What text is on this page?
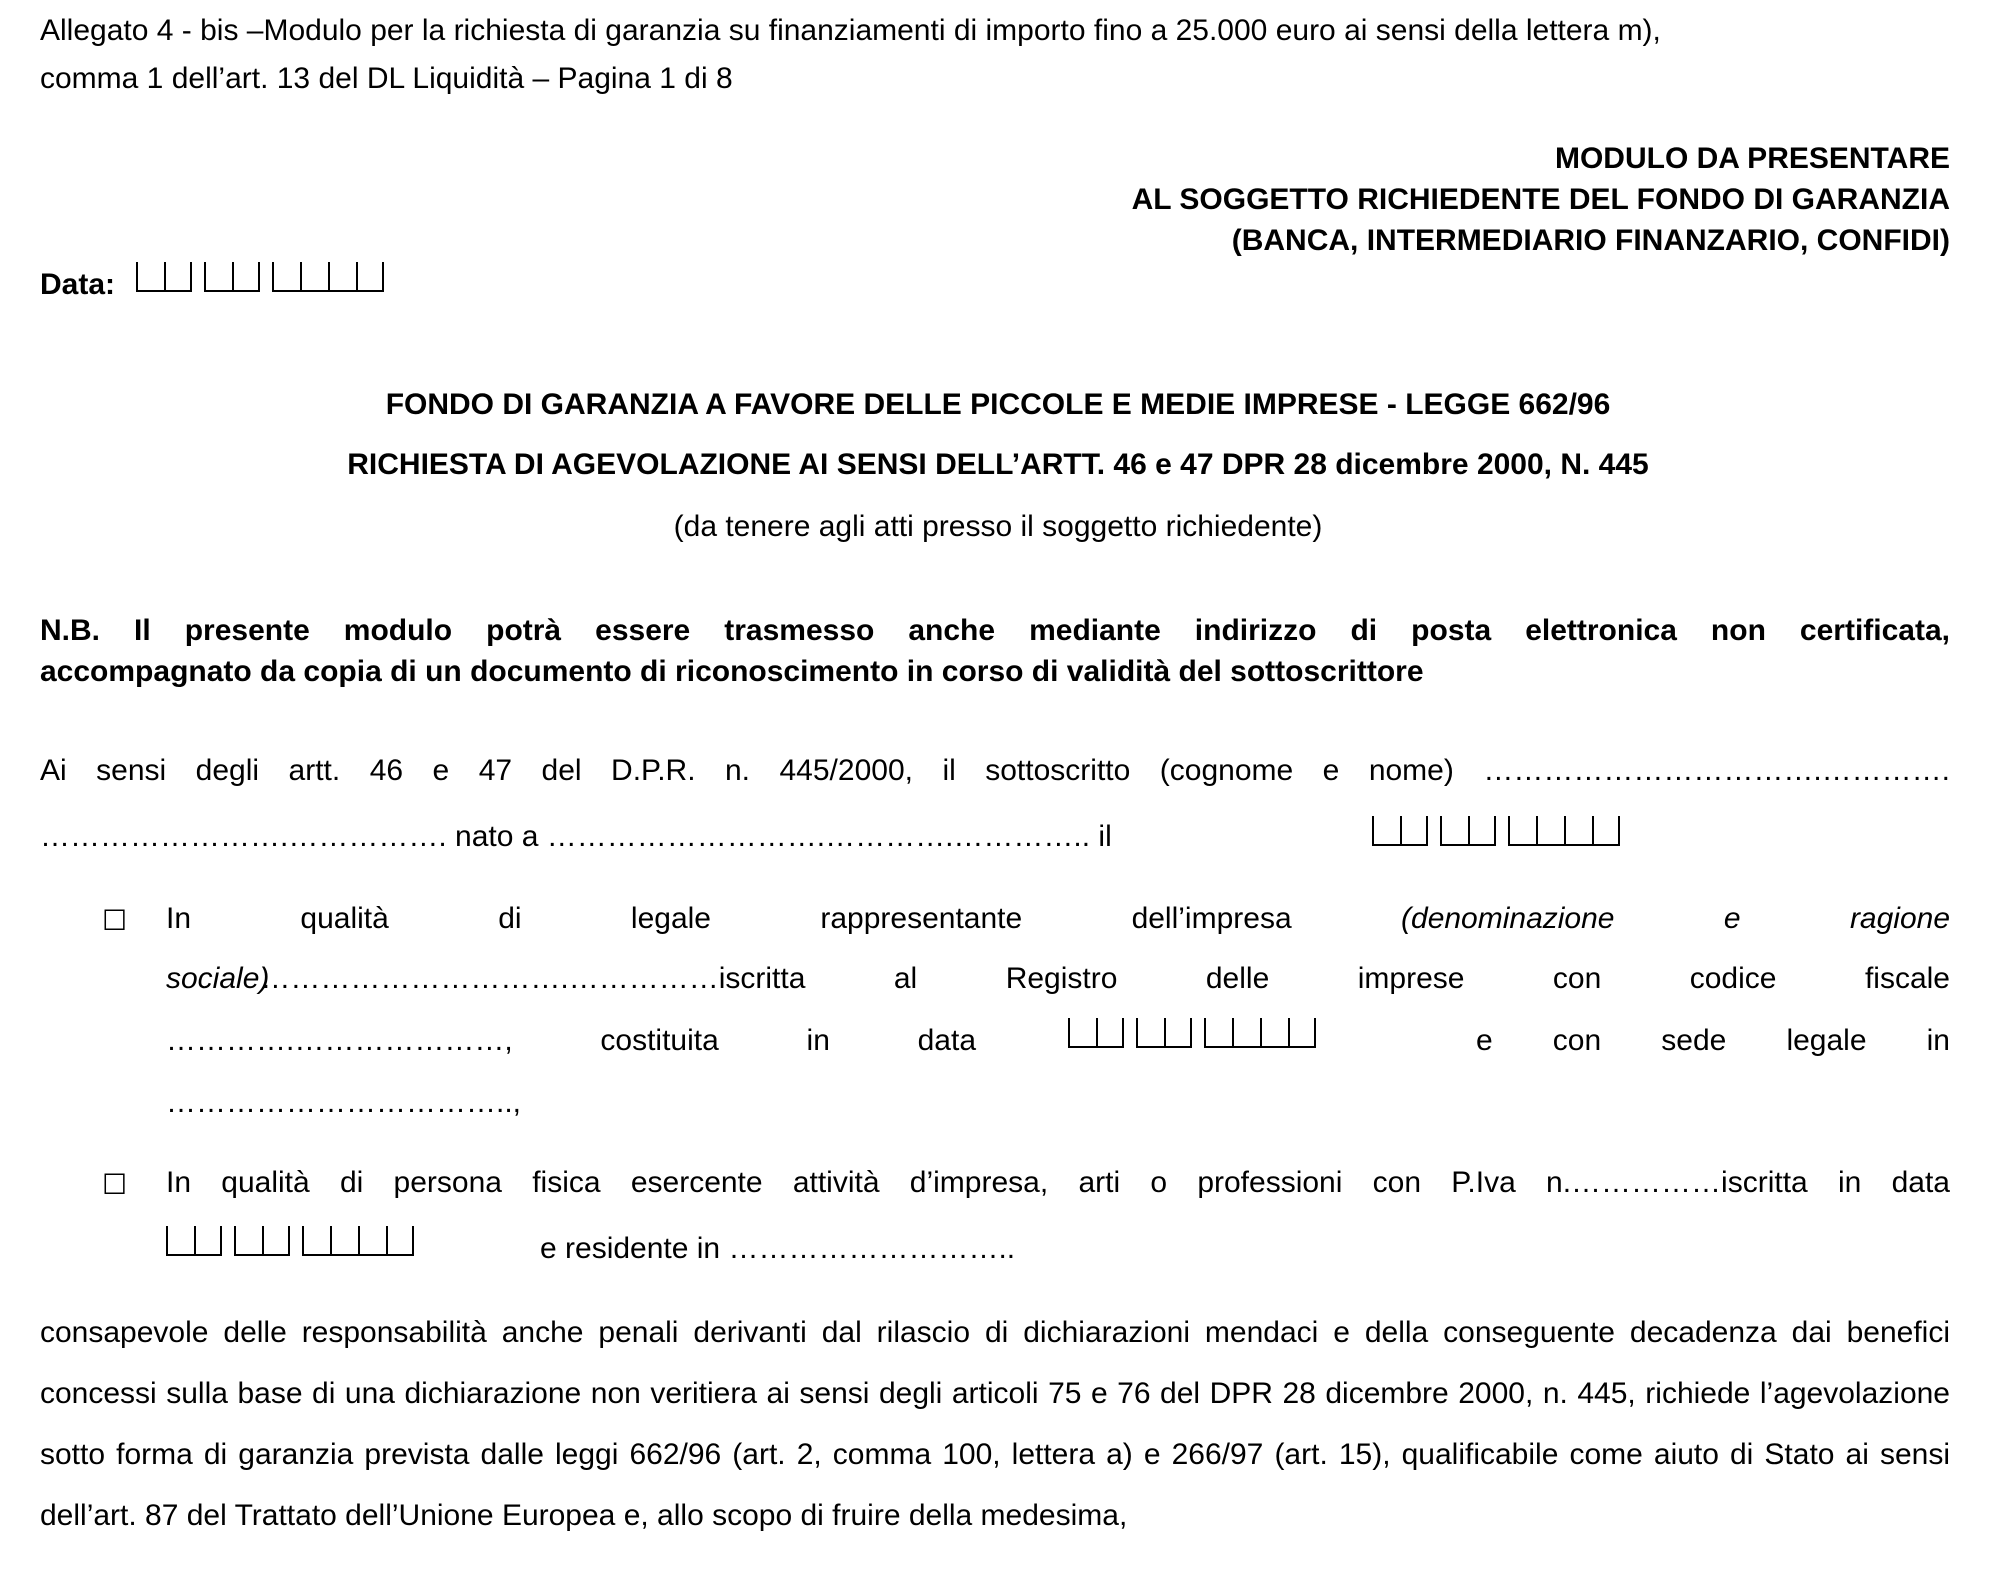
Allegato 4 - bis –Modulo per la richiesta di garanzia su finanziamenti di importo fino a 25.000 euro ai sensi della lettera m),
comma 1 dell’art. 13 del DL Liquidità – Pagina 1 di 8
MODULO DA PRESENTARE
AL SOGGETTO RICHIEDENTE DEL FONDO DI GARANZIA
(BANCA, INTERMEDIARIO FINANZARIO, CONFIDI)
Data:
FONDO DI GARANZIA A FAVORE DELLE PICCOLE E MEDIE IMPRESE - LEGGE 662/96
RICHIESTA DI AGEVOLAZIONE AI SENSI DELL’ARTT. 46 e 47 DPR 28 dicembre 2000, N. 445
(da tenere agli atti presso il soggetto richiedente)
N.B. Il presente modulo potrà essere trasmesso anche mediante indirizzo di posta elettronica non certificata,
accompagnato da copia di un documento di riconoscimento in corso di validità del sottoscrittore
Ai sensi degli artt. 46 e 47 del D.P.R. n. 445/2000, il sottoscritto (cognome e nome) …………………………….………….
…………………….……………. nato a ……………………….………….………….. il
☐ In	qualità	di	legale	rappresentante	dell’impresa	(denominazione	e	ragione
sociale)………………………….……………iscritta	al	Registro	delle	imprese	con	codice	fiscale
………….…………………,	costituita	in	data	e con sede legale in
……………………………..,
☐ In qualità di persona fisica esercente attività d’impresa, arti o professioni con P.Iva n.……………iscritta in data
e residente in ………………………..
consapevole delle responsabilità anche penali derivanti dal rilascio di dichiarazioni mendaci e della conseguente decadenza dai benefici concessi sulla base di una dichiarazione non veritiera ai sensi degli articoli 75 e 76 del DPR 28 dicembre 2000, n. 445, richiede l’agevolazione sotto forma di garanzia prevista dalle leggi 662/96 (art. 2, comma 100, lettera a) e 266/97 (art. 15), qualificabile come aiuto di Stato ai sensi dell’art. 87 del Trattato dell’Unione Europea e, allo scopo di fruire della medesima,
